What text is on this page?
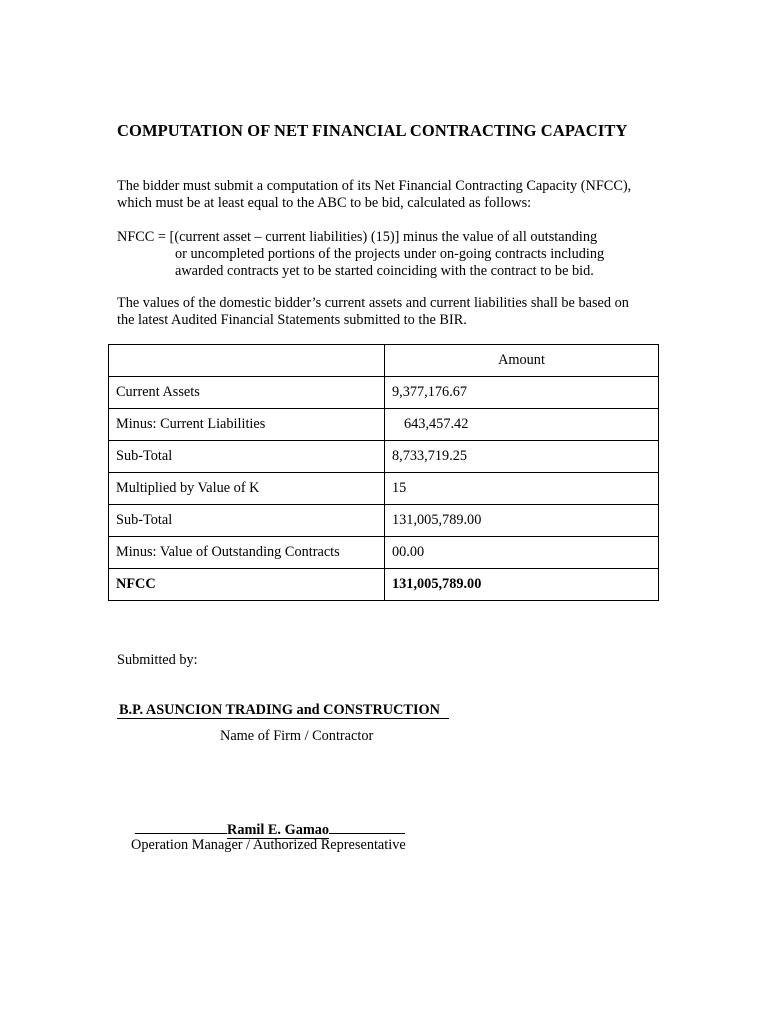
COMPUTATION OF NET FINANCIAL CONTRACTING CAPACITY
The bidder must submit a computation of its Net Financial Contracting Capacity (NFCC),
which must be at least equal to the ABC to be bid, calculated as follows:
NFCC = [(current asset – current liabilities) (15)] minus the value of all outstanding
or uncompleted portions of the projects under on-going contracts including
awarded contracts yet to be started coinciding with the contract to be bid.
The values of the domestic bidder’s current assets and current liabilities shall be based on
the latest Audited Financial Statements submitted to the BIR.
	Amount
Current Assets	9,377,176.67
Minus: Current Liabilities	643,457.42
Sub-Total	8,733,719.25
Multiplied by Value of K	15
Sub-Total	131,005,789.00
Minus: Value of Outstanding Contracts	00.00
NFCC	131,005,789.00
Submitted by:
B.P. ASUNCION TRADING and CONSTRUCTION
Name of Firm / Contractor
Ramil E. Gamao
Operation Manager / Authorized Representative
